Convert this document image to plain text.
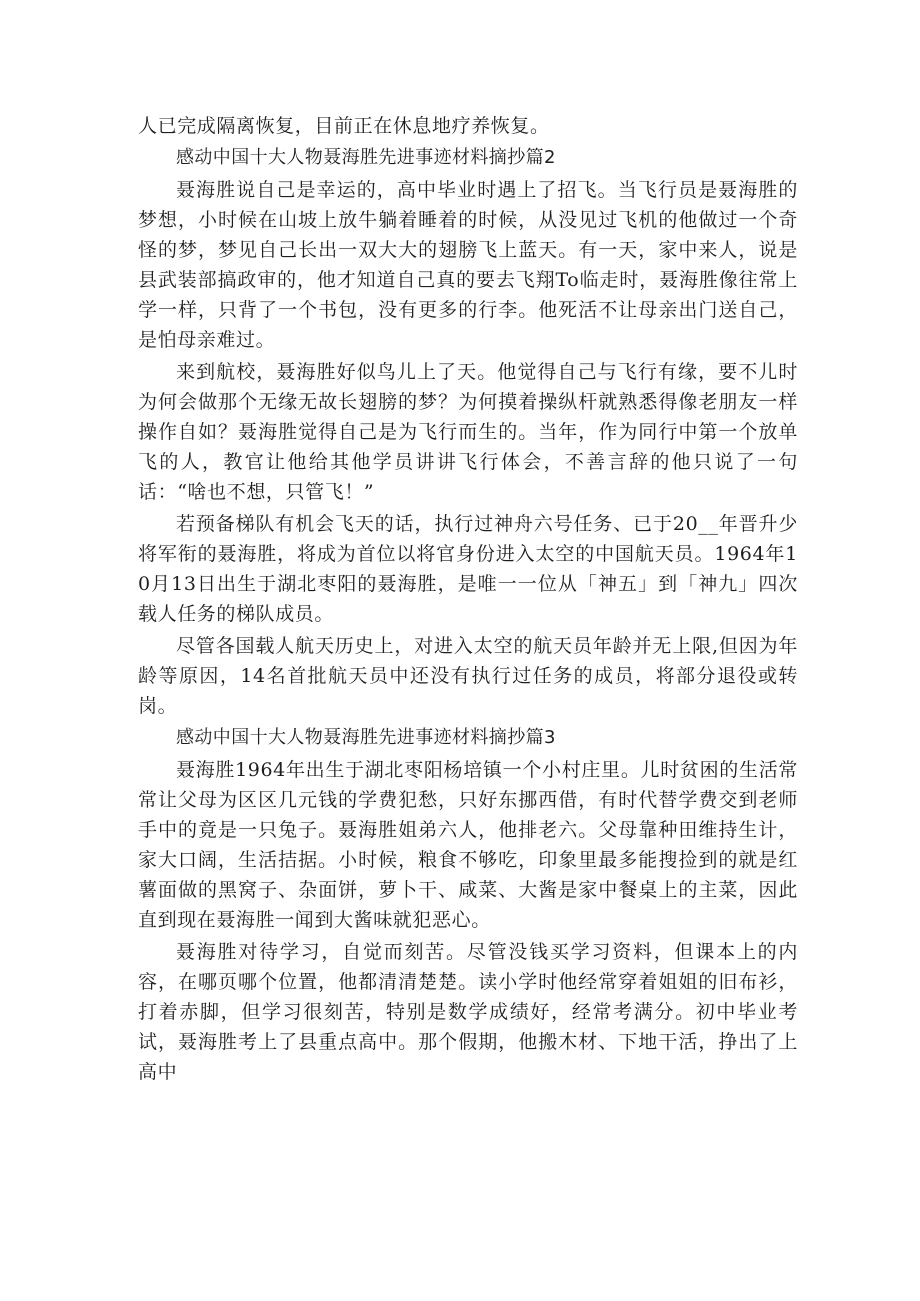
人已完成隔离恢复，目前正在休息地疗养恢复。

感动中国十大人物聂海胜先进事迹材料摘抄篇2

聂海胜说自己是幸运的，高中毕业时遇上了招飞。当飞行员是聂海胜的梦想，小时候在山坡上放牛躺着睡着的时候，从没见过飞机的他做过一个奇怪的梦，梦见自己长出一双大大的翅膀飞上蓝天。有一天，家中来人，说是县武装部搞政审的，他才知道自己真的要去飞翔To临走时，聂海胜像往常上学一样，只背了一个书包，没有更多的行李。他死活不让母亲出门送自己，是怕母亲难过。

来到航校，聂海胜好似鸟儿上了天。他觉得自己与飞行有缘，要不儿时为何会做那个无缘无故长翅膀的梦？为何摸着操纵杆就熟悉得像老朋友一样操作自如？聂海胜觉得自己是为飞行而生的。当年，作为同行中第一个放单飞的人，教官让他给其他学员讲讲飞行体会，不善言辞的他只说了一句话：“啥也不想，只管飞！”

若预备梯队有机会飞天的话，执行过神舟六号任务、已于20__年晋升少将军衔的聂海胜，将成为首位以将官身份进入太空的中国航天员。1964年10月13日出生于湖北枣阳的聂海胜，是唯一一位从「神五」到「神九」四次载人任务的梯队成员。

尽管各国载人航天历史上，对进入太空的航天员年龄并无上限,但因为年龄等原因，14名首批航天员中还没有执行过任务的成员，将部分退役或转岗。

感动中国十大人物聂海胜先进事迹材料摘抄篇3

聂海胜1964年出生于湖北枣阳杨培镇一个小村庄里。儿时贫困的生活常常让父母为区区几元钱的学费犯愁，只好东挪西借，有时代替学费交到老师手中的竟是一只兔子。聂海胜姐弟六人，他排老六。父母靠种田维持生计，家大口阔，生活拮据。小时候，粮食不够吃，印象里最多能搜捡到的就是红薯面做的黑窝子、杂面饼，萝卜干、咸菜、大酱是家中餐桌上的主菜，因此直到现在聂海胜一闻到大酱味就犯恶心。

聂海胜对待学习，自觉而刻苦。尽管没钱买学习资料，但课本上的内容，在哪页哪个位置，他都清清楚楚。读小学时他经常穿着姐姐的旧布衫，打着赤脚，但学习很刻苦，特别是数学成绩好，经常考满分。初中毕业考试，聂海胜考上了县重点高中。那个假期，他搬木材、下地干活，挣出了上高中
